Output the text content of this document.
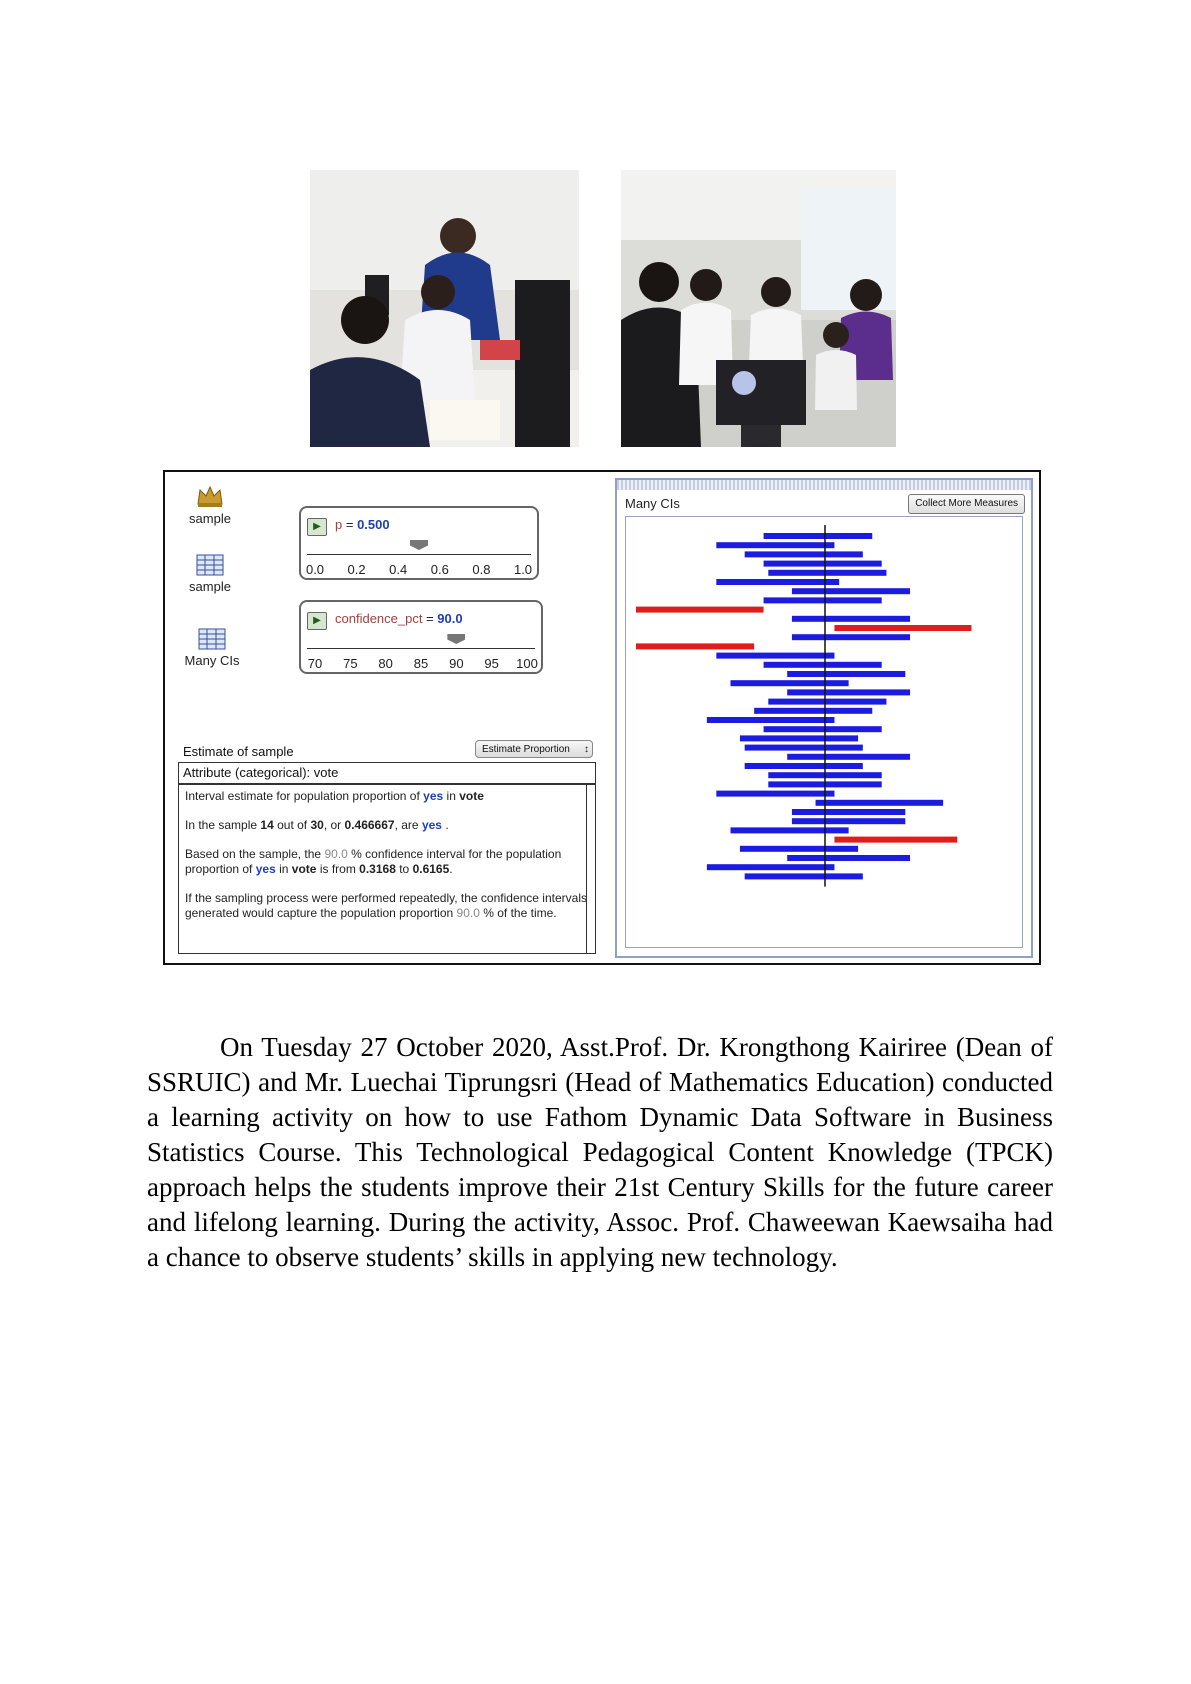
sample
sample
Many CIs
▶	p = 0.500
0.0 0.2 0.4 0.6 0.8 1.0
▶	confidence_pct = 90.0
70 75 80 85 90 95 100
Estimate of sample	Estimate Proportion ↕
Attribute (categorical): vote

Interval estimate for population proportion of yes in vote

In the sample 14 out of 30, or 0.466667, are yes .

Based on the sample, the 90.0 % confidence interval for the population proportion of yes in vote is from 0.3168 to 0.6165.

If the sampling process were performed repeatedly, the confidence intervals generated would capture the population proportion 90.0 % of the time.

Many CIs	Collect More Measures

On Tuesday 27 October 2020, Asst.Prof. Dr. Krongthong Kairiree (Dean of SSRUIC) and Mr. Luechai Tiprungsri (Head of Mathematics Education) conducted a learning activity on how to use Fathom Dynamic Data Software in Business Statistics Course. This Technological Pedagogical Content Knowledge (TPCK) approach helps the students improve their 21st Century Skills for the future career and lifelong learning. During the activity, Assoc. Prof. Chaweewan Kaewsaiha had a chance to observe students’ skills in applying new technology.
